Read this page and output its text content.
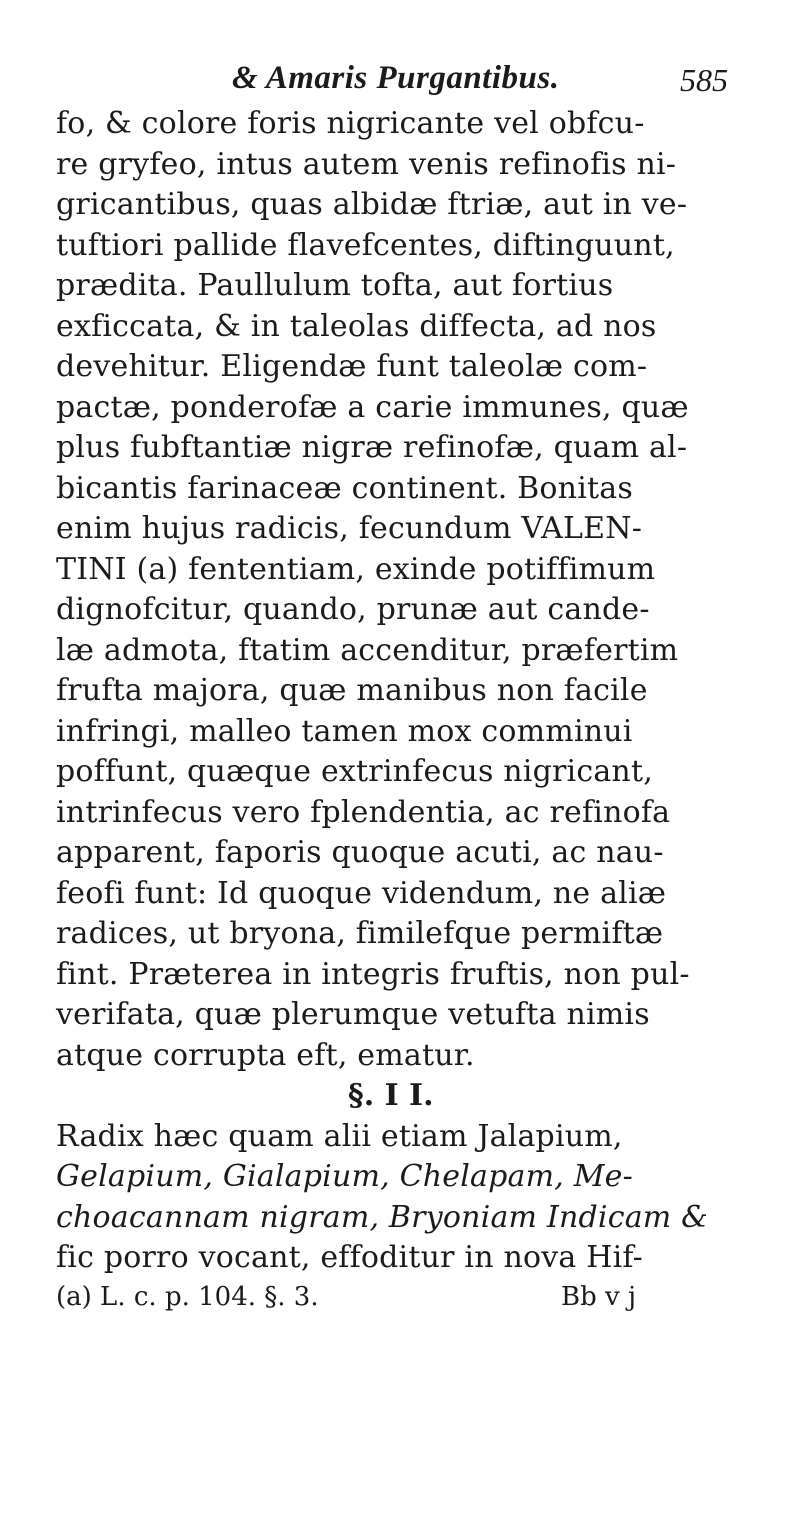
& Amaris Purgantibus.	585
fo, & colore foris nigricante vel obfcu-
re gryfeo, intus autem venis refinofis ni-
gricantibus, quas albidæ ftriæ, aut in ve-
tuftiori pallide flavefcentes, diftinguunt,
prædita. Paullulum tofta, aut fortius
exficcata, & in taleolas diffecta, ad nos
devehitur. Eligendæ funt taleolæ com-
pactæ, ponderofæ a carie immunes, quæ
plus fubftantiæ nigræ refinofæ, quam al-
bicantis farinaceæ continent. Bonitas
enim hujus radicis, fecundum VALEN-
TINI (a) fententiam, exinde potiffimum
dignofcitur, quando, prunæ aut cande-
læ admota, ftatim accenditur, præfertim
frufta majora, quæ manibus non facile
infringi, malleo tamen mox comminui
poffunt, quæque extrinfecus nigricant,
intrinfecus vero fplendentia, ac refinofa
apparent, faporis quoque acuti, ac nau-
feofi funt: Id quoque videndum, ne aliæ
radices, ut bryona, fimilefque permiftæ
fint. Præterea in integris fruftis, non pul-
verifata, quæ plerumque vetufta nimis
atque corrupta eft, ematur.
§. I I.
Radix hæc quam alii etiam Jalapium,
Gelapium, Gialapium, Chelapam, Me-
choacannam nigram, Bryoniam Indicam &
fic porro vocant, effoditur in nova Hif-
(a) L. c. p. 104. §. 3.	Bb v j
